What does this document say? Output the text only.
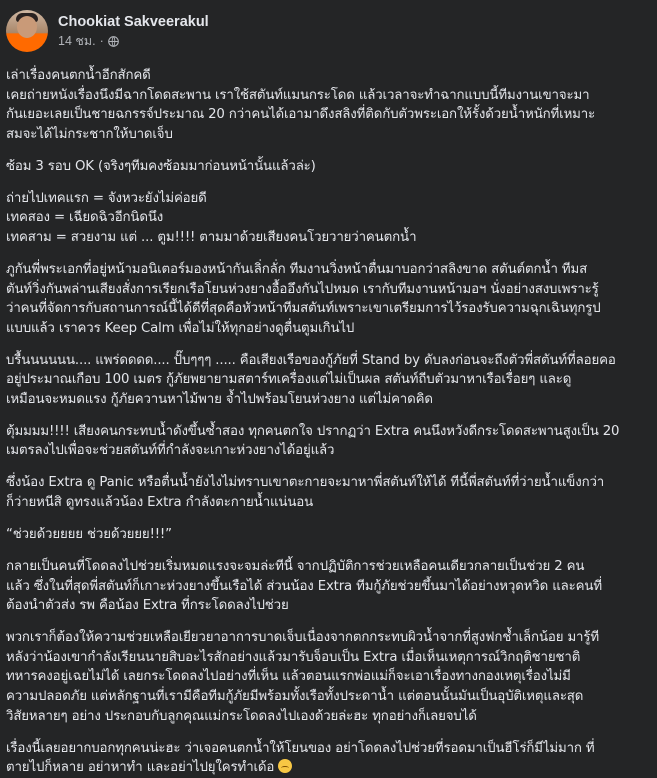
Chookiat Sakveerakul
14 ชม. ·

เล่าเรื่องคนตกน้ำอีกสักคดี
เคยถ่ายหนังเรื่องนึงมีฉากโดดสะพาน เราใช้สตันท์แมนกระโดด แล้วเวลาจะทำฉากแบบนี้ทีมงานเขาจะมา
กันเยอะเลยเป็นชายฉกรรจ์ประมาณ 20 กว่าคนได้เอามาดึงสลิงที่ติดกับตัวพระเอกให้รั้งด้วยน้ำหนักที่เหมาะ
สมจะได้ไม่กระชากให้บาดเจ็บ

ซ้อม 3 รอบ OK (จริงๆทีมคงซ้อมมาก่อนหน้านั้นแล้วล่ะ)

ถ่ายไปเทคแรก = จังหวะยังไม่ค่อยดี
เทคสอง = เฉียดฉิวอีกนิดนึง
เทคสาม = สวยงาม แต่ ... ตูม!!!! ตามมาด้วยเสียงคนโวยวายว่าคนตกน้ำ

ภูกันพี่พระเอกที่อยู่หน้ามอนิเตอร์มองหน้ากันเลิ่กลั่ก ทีมงานวิ่งหน้าตื่นมาบอกว่าสลิงขาด สตันต์ตกน้ำ ทีมส
ตันท์วิ่งกันพล่านเสียงสั่งการเรียกเรือโยนห่วงยางอื้ออึงกันไปหมด เรากับทีมงานหน้ามอฯ นั่งอย่างสงบเพราะรู้
ว่าคนที่จัดการกับสถานการณ์นี้ได้ดีที่สุดคือหัวหน้าทีมสตันท์เพราะเขาเตรียมการไว้รองรับความฉุกเฉินทุกรูป
แบบแล้ว เราควร Keep Calm เพื่อไม่ให้ทุกอย่างดูตื่นตูมเกินไป

บรื้นนนนนน.... แพร่ดดดด.... ปั๊บๆๆๆ ..... คือเสียงเรือของกู้ภัยที่ Stand by ดับลงก่อนจะถึงตัวพี่สตันท์ที่ลอยคอ
อยู่ประมาณเกือบ 100 เมตร กู้ภัยพยายามสตาร์ทเครื่องแต่ไม่เป็นผล สตันท์ถีบตัวมาหาเรือเรื่อยๆ และดู
เหมือนจะหมดแรง กู้ภัยควานหาไม้พาย จ้ำไปพร้อมโยนห่วงยาง แต่ไม่คาดคิด

ตุ้มมมม!!!! เสียงคนกระทบน้ำดังขึ้นซ้ำสอง ทุกคนตกใจ ปรากฏว่า Extra คนนึงหวังดีกระโดดสะพานสูงเป็น 20
เมตรลงไปเพื่อจะช่วยสตันท์ที่กำลังจะเกาะห่วงยางได้อยู่แล้ว

ซึ่งน้อง Extra ดู Panic หรือตื่นน้ำยังไงไม่ทราบเขาตะกายจะมาหาพี่สตันท์ให้ได้ ทีนี้พี่สตันท์ที่ว่ายน้ำแข็งกว่า
ก็ว่ายหนีสิ ดูทรงแล้วน้อง Extra กำลังตะกายน้ำแน่นอน

“ช่วยด้วยยยย ช่วยด้วยยย!!!”

กลายเป็นคนที่โดดลงไปช่วยเริ่มหมดแรงจะจมล่ะทีนี้ จากปฏิบัติการช่วยเหลือคนเดียวกลายเป็นช่วย 2 คน
แล้ว ซึ่งในที่สุดพี่สตันท์ก็เกาะห่วงยางขึ้นเรือได้ ส่วนน้อง Extra ทีมกู้ภัยช่วยขึ้นมาได้อย่างหวุดหวิด และคนที่
ต้องนำตัวส่ง รพ คือน้อง Extra ที่กระโดดลงไปช่วย

พวกเราก็ต้องให้ความช่วยเหลือเยียวยาอาการบาดเจ็บเนื่องจากตกกระทบผิวน้ำจากที่สูงฟกช้ำเล็กน้อย มารู้ที
หลังว่าน้องเขากำลังเรียนนายสิบอะไรสักอย่างแล้วมารับจ็อบเป็น Extra เมื่อเห็นเหตุการณ์วิกฤติชายชาติ
ทหารคงอยู่เฉยไม่ได้ เลยกระโดดลงไปอย่างที่เห็น แล้วตอนแรกพ่อแม่ก็จะเอาเรื่องทางกองเหตุเรื่องไม่มี
ความปลอดภัย แต่หลักฐานที่เรามีคือทีมกู้ภัยมีพร้อมทั้งเรือทั้งประดาน้ำ แต่ตอนนั้นมันเป็นอุบัติเหตุและสุด
วิสัยหลายๆ อย่าง ประกอบกับลูกคุณแม่กระโดดลงไปเองด้วยล่ะฮะ ทุกอย่างก็เลยจบได้

เรื่องนี้เลยอยากบอกทุกคนน่ะฮะ ว่าเจอคนตกน้ำให้โยนของ อย่าโดดลงไปช่วยที่รอดมาเป็นฮีโร่ก็มีไม่มาก ที่
ตายไปก็หลาย อย่าหาทำ และอย่าไปยุใครทำเด้อ
